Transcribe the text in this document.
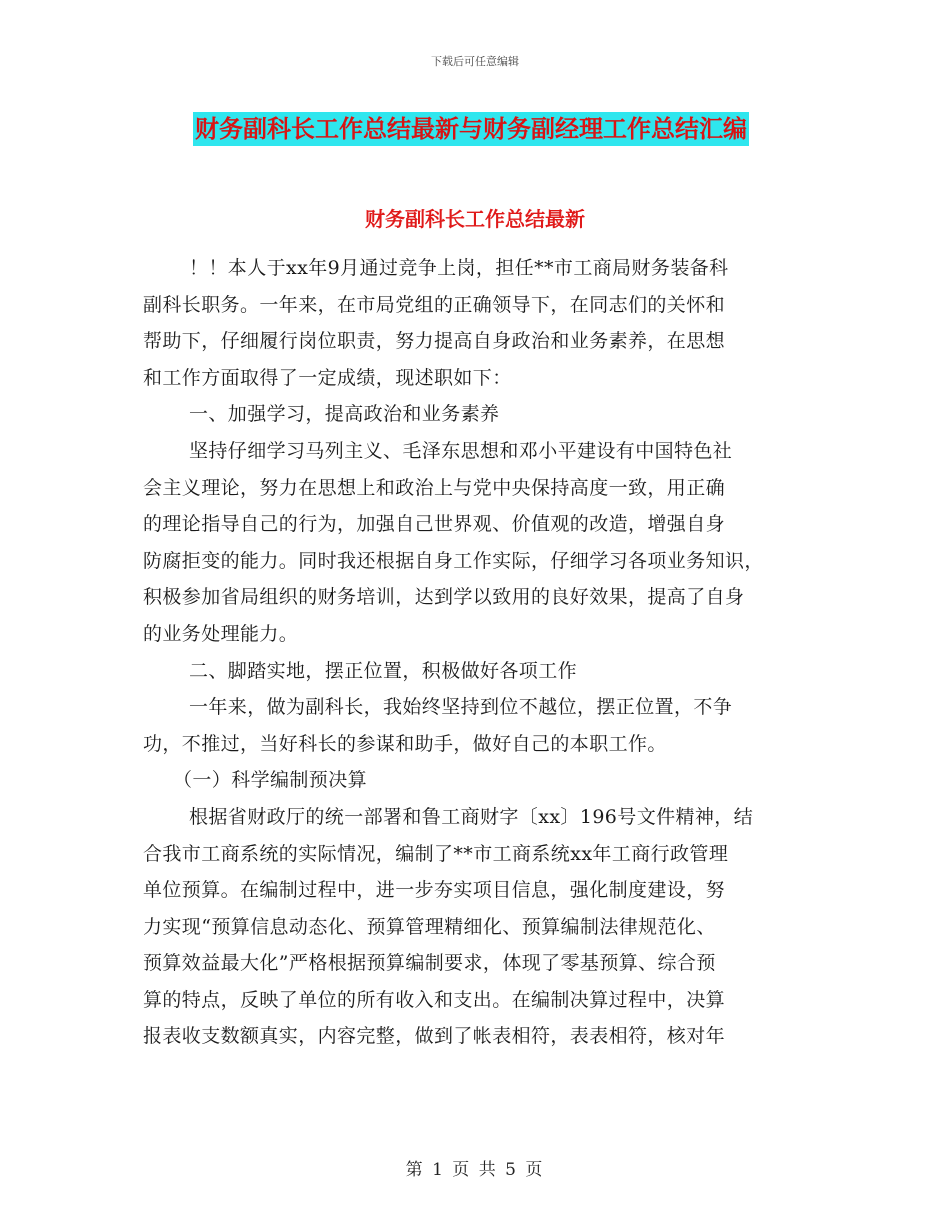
下载后可任意编辑
财务副科长工作总结最新与财务副经理工作总结汇编
财务副科长工作总结最新
！！本人于xx年9月通过竞争上岗，担任**市工商局财务装备科
副科长职务。一年来，在市局党组的正确领导下，在同志们的关怀和
帮助下，仔细履行岗位职责，努力提高自身政治和业务素养，在思想
和工作方面取得了一定成绩，现述职如下：
一、加强学习，提高政治和业务素养
坚持仔细学习马列主义、毛泽东思想和邓小平建设有中国特色社
会主义理论，努力在思想上和政治上与党中央保持高度一致，用正确
的理论指导自己的行为，加强自己世界观、价值观的改造，增强自身
防腐拒变的能力。同时我还根据自身工作实际，仔细学习各项业务知识，
积极参加省局组织的财务培训，达到学以致用的良好效果，提高了自身
的业务处理能力。
二、脚踏实地，摆正位置，积极做好各项工作
一年来，做为副科长，我始终坚持到位不越位，摆正位置，不争
功，不推过，当好科长的参谋和助手，做好自己的本职工作。
（一）科学编制预决算
根据省财政厅的统一部署和鲁工商财字〔xx〕196号文件精神，结
合我市工商系统的实际情况，编制了**市工商系统xx年工商行政管理
单位预算。在编制过程中，进一步夯实项目信息，强化制度建设，努
力实现“预算信息动态化、预算管理精细化、预算编制法律规范化、
预算效益最大化”严格根据预算编制要求，体现了零基预算、综合预
算的特点，反映了单位的所有收入和支出。在编制决算过程中，决算
报表收支数额真实，内容完整，做到了帐表相符，表表相符，核对年
第 1 页 共 5 页
